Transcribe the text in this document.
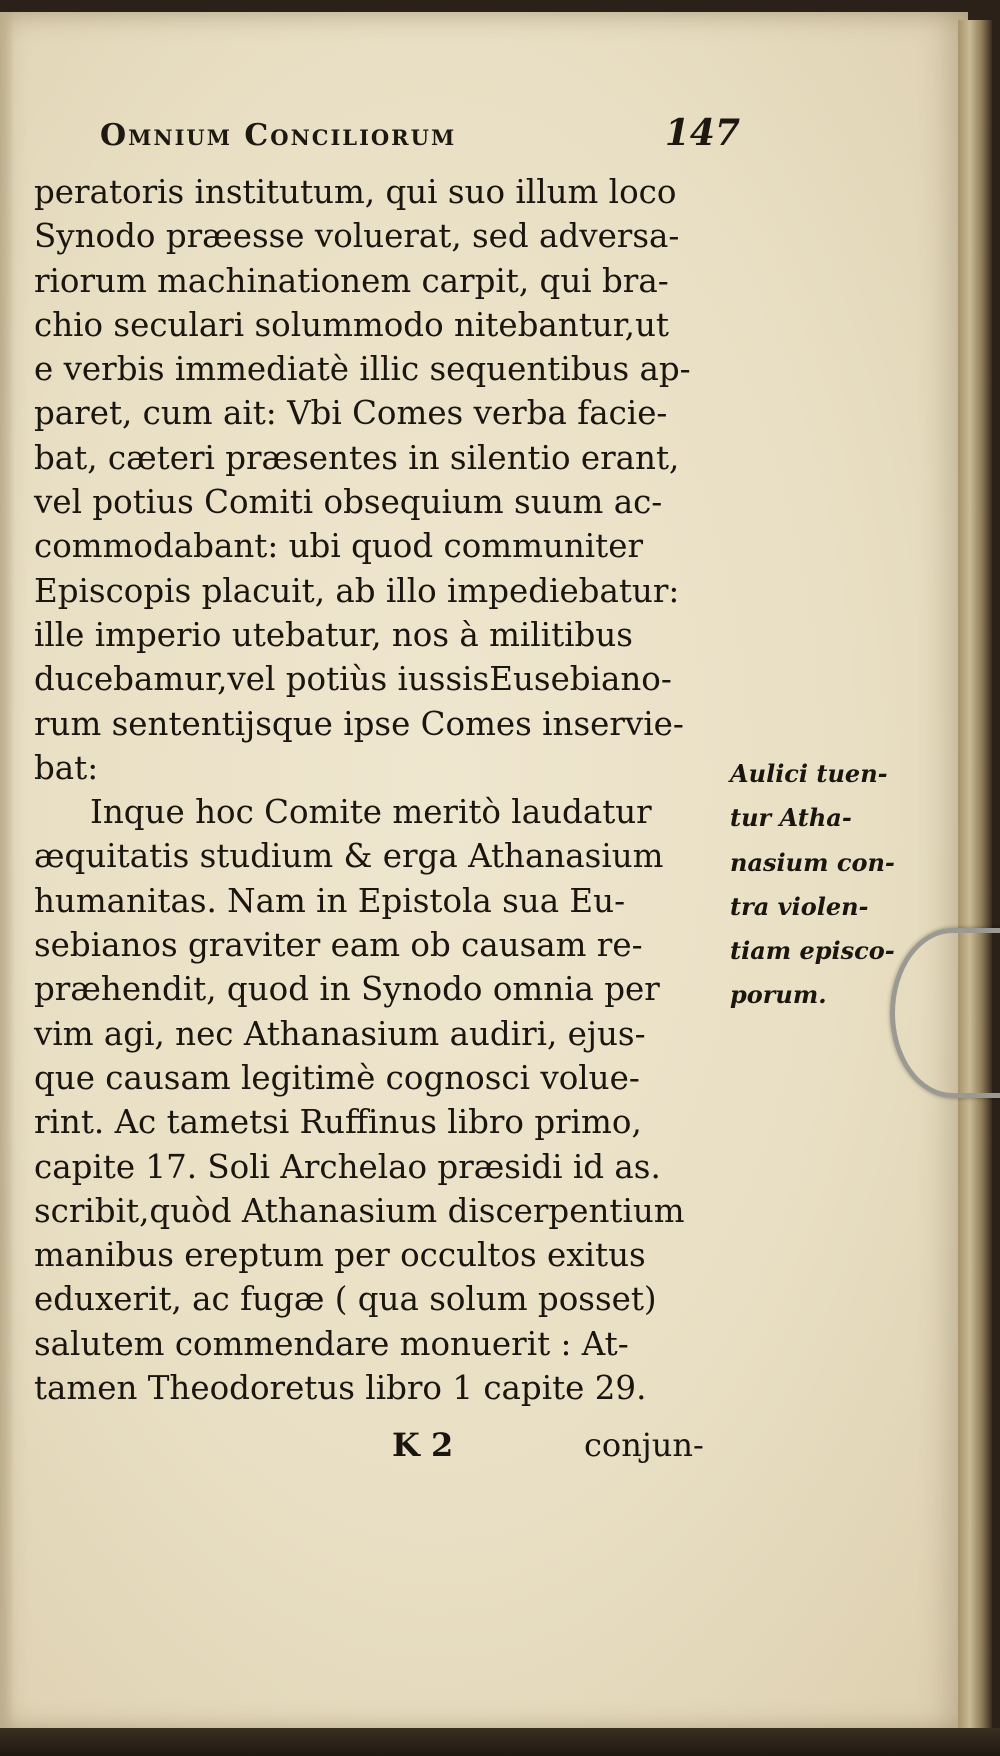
Omnium Conciliorum	147
peratoris institutum, qui suo illum loco
Synodo præesse voluerat, sed adversa-
riorum machinationem carpit, qui bra-
chio seculari solummodo nitebantur,ut
e verbis immediatè illic sequentibus ap-
paret, cum ait: Vbi Comes verba facie-
bat, cæteri præsentes in silentio erant,
vel potius Comiti obsequium suum ac-
commodabant: ubi quod communiter
Episcopis placuit, ab illo impediebatur:
ille imperio utebatur, nos à militibus
ducebamur,vel potiùs iussisEusebiano-
rum sententijsque ipse Comes inservie-
bat:
Inque hoc Comite meritò laudatur
æquitatis studium & erga Athanasium
humanitas. Nam in Epistola sua Eu-
sebianos graviter eam ob causam re-
præhendit, quod in Synodo omnia per
vim agi, nec Athanasium audiri, ejus-
que causam legitimè cognosci volue-
rint. Ac tametsi Ruffinus libro primo,
capite 17. Soli Archelao præsidi id as.
scribit,quòd Athanasium discerpentium
manibus ereptum per occultos exitus
eduxerit, ac fugæ ( qua solum posset)
salutem commendare monuerit : At-
tamen Theodoretus libro 1 capite 29.
Aulici tuen-
tur Atha-
nasium con-
tra violen-
tiam episco-
porum.
K 2	conjun-
